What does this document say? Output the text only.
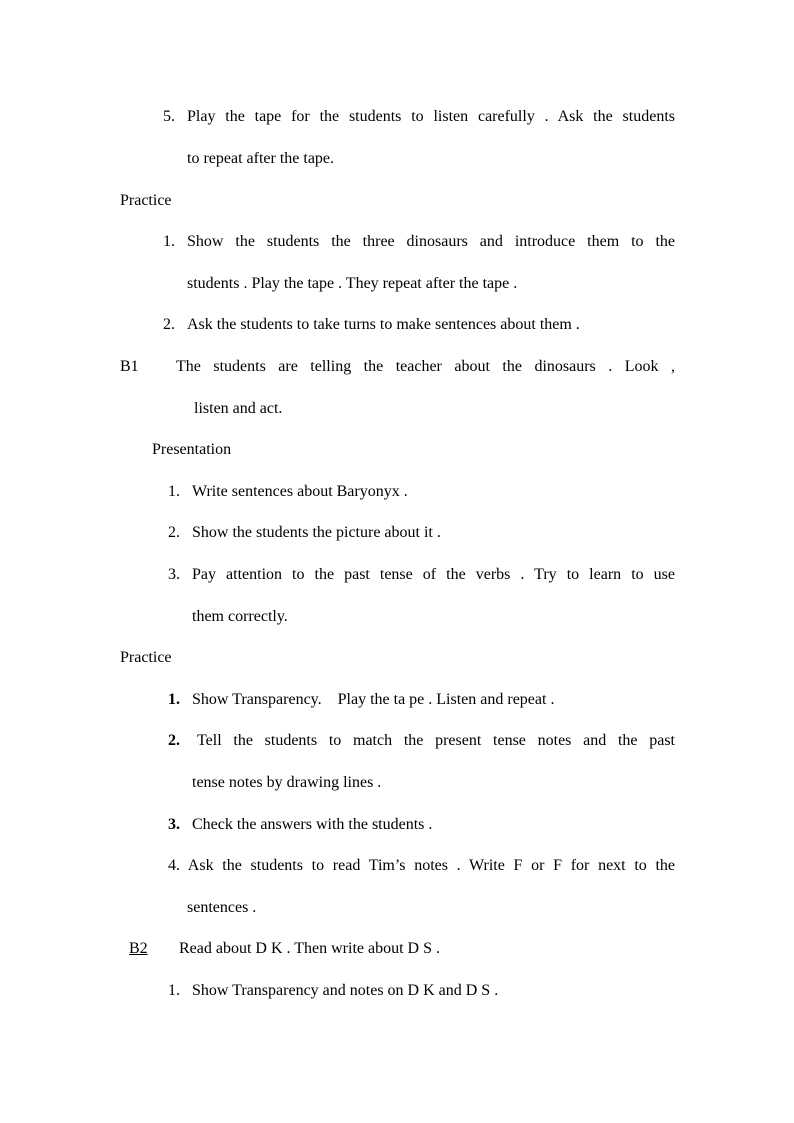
5. Play the tape for the students to listen carefully . Ask the students
to repeat after the tape.
Practice
1. Show the students the three dinosaurs and introduce them to the
students . Play the tape . They repeat after the tape .
2. Ask the students to take turns to make sentences about them .
B1 The students are telling the teacher about the dinosaurs . Look ,
listen and act.
Presentation
1. Write sentences about Baryonyx .
2. Show the students the picture about it .
3. Pay attention to the past tense of the verbs . Try to learn to use
them correctly.
Practice
1. Show Transparency.    Play the ta pe . Listen and repeat .
2. Tell the students to match the present tense notes and the past
tense notes by drawing lines .
3. Check the answers with the students .
4. Ask the students to read Tim’s notes . Write F or F for next to the
sentences .
B2 Read about D K . Then write about D S .
1. Show Transparency and notes on D K and D S .
